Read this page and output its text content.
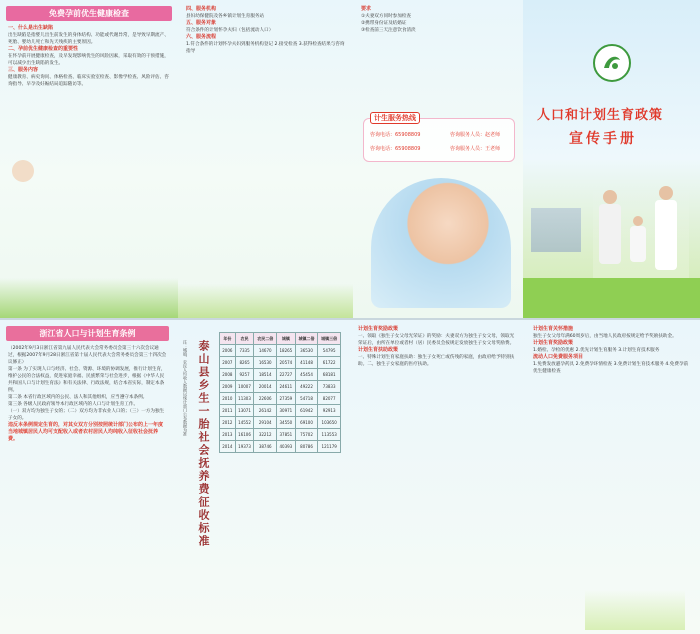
免费孕前优生健康检查

一、什么是出生缺陷

出生缺陷是指婴儿出生前发生的身体结构、功能或代谢异常，是导致早期流产、死胎、婴幼儿死亡和先天残疾的主要原因。

二、孕前优生健康检查的重要性

在怀孕前开展健康检查，及早发现影响优生的风险因素，采取有效的干预措施，可以减少出生缺陷的发生。

三、服务内容

健康教育、病史询问、体格检查、临床实验室检查、影像学检查、风险评估、咨询指导、早孕及妊娠结局追踪随访等。

四、服务机构

县妇幼保健院及各乡镇计划生育服务站

五、服务对象

符合条件的计划怀孕夫妇（包括流动人口）

六、服务流程

1.符合条件的计划怀孕夫妇到服务机构登记 2.接受检查 3.获得检查结果与咨询指导

要求

①夫妻双方同时参加检查

②携带身份证及结婚证

③检查前三天注意饮食清淡

计生服务热线
咨询电话：65908809	咨询服务人员：赵老师
咨询电话：65908809	咨询服务人员：王老师
人口和计划生育政策
宣传手册
浙江省人口与计划生育条例

（2002年9月3日浙江省第九届人民代表大会常务委员会第三十六次会议通过，根据2007年9月28日浙江省第十届人民代表大会常务委员会第三十四次会议修正）

第一条 为了实现人口与经济、社会、资源、环境的协调发展，推行计划生育，维护公民的合法权益，促进家庭幸福、民族繁荣与社会进步，根据《中华人民共和国人口与计划生育法》和有关法律、行政法规，结合本省实际，制定本条例。

第二条 本省行政区域内的公民、法人和其他组织，应当遵守本条例。

第三条 各级人民政府领导本行政区域内的人口与计划生育工作。

（一）双方均为独生子女的；（二）双方均为非农业人口的；（三）一方为独生子女的。

违反本条例规定生育的，对其女双方分别按照统计部门公布的上一年度当地城镇居民人均可支配收入或者农村居民人均纯收入征收社会抚养费。	泰山县乡生一胎社会抚养费征收标准
注：城镇、农民人均收入数据以统计部门公布数据为准
年份	农民	农民二倍	城镇	城镇二倍	城镇三倍
2006	7335	14670	18265	36530	54795
2007	8265	16530	20574	41148	61722
2008	9257	18514	22727	45454	68181
2009	10007	20014	24611	49222	73833
2010	11303	22606	27359	54718	82077
2011	13071	26142	30971	61942	92913
2012	14552	29104	34550	69100	103650
2013	16106	32212	37851	75702	113553
2014	19373	38746	40393	80786	121179

计划生育奖励政策

一、领取《独生子女父母光荣证》的奖励：夫妻双方为独生子女父母，领取光荣证后，由所在单位或者村（居）民委员会按规定发放独生子女父母奖励费。

计划生育扶助政策

一、特殊计划生育家庭扶助：独生子女死亡或伤残的家庭，由政府给予特别扶助。二、独生子女家庭的医疗扶助。

计划生育关怀措施

独生子女父母年满60周岁后，由当地人民政府按规定给予奖励扶助金。

计划生育奖励政策

1.婚检、孕检的优惠 2.优先计划生育服务 3.计划生育技术服务

流动人口免费服务项目

1.免费发放避孕药具 2.免费孕环情检查 3.免费计划生育技术服务 4.免费孕前优生健康检查
